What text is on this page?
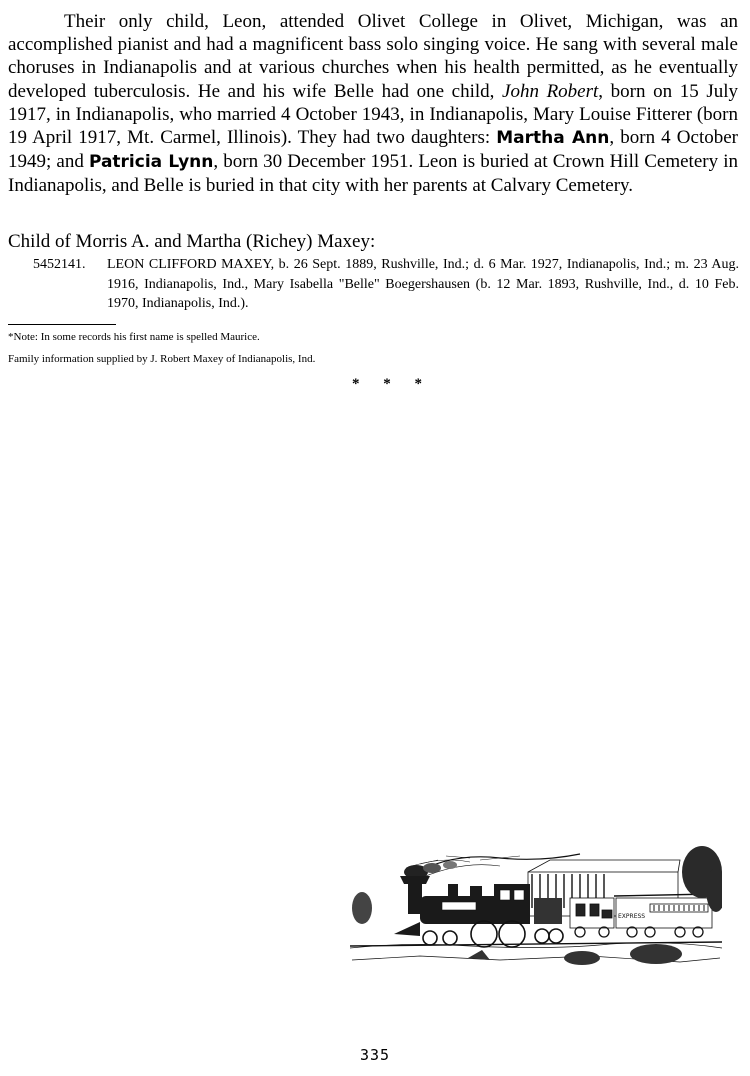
Their only child, Leon, attended Olivet College in Olivet, Michigan, was an accomplished pianist and had a magnificent bass solo singing voice. He sang with several male choruses in Indianapolis and at various churches when his health permitted, as he eventually developed tuberculosis. He and his wife Belle had one child, John Robert, born on 15 July 1917, in Indianapolis, who married 4 October 1943, in Indianapolis, Mary Louise Fitterer (born 19 April 1917, Mt. Carmel, Illinois). They had two daughters: Martha Ann, born 4 October 1949; and Patricia Lynn, born 30 December 1951. Leon is buried at Crown Hill Cemetery in Indianapolis, and Belle is buried in that city with her parents at Calvary Cemetery.

Child of Morris A. and Martha (Richey) Maxey:

5452141. LEON CLIFFORD MAXEY, b. 26 Sept. 1889, Rushville, Ind.; d. 6 Mar. 1927, Indianapolis, Ind.; m. 23 Aug. 1916, Indianapolis, Ind., Mary Isabella "Belle" Boegershausen (b. 12 Mar. 1893, Rushville, Ind., d. 10 Feb. 1970, Indianapolis, Ind.).
*Note: In some records his first name is spelled Maurice.
Family information supplied by J. Robert Maxey of Indianapolis, Ind.
* * *
EXPRESS
335
